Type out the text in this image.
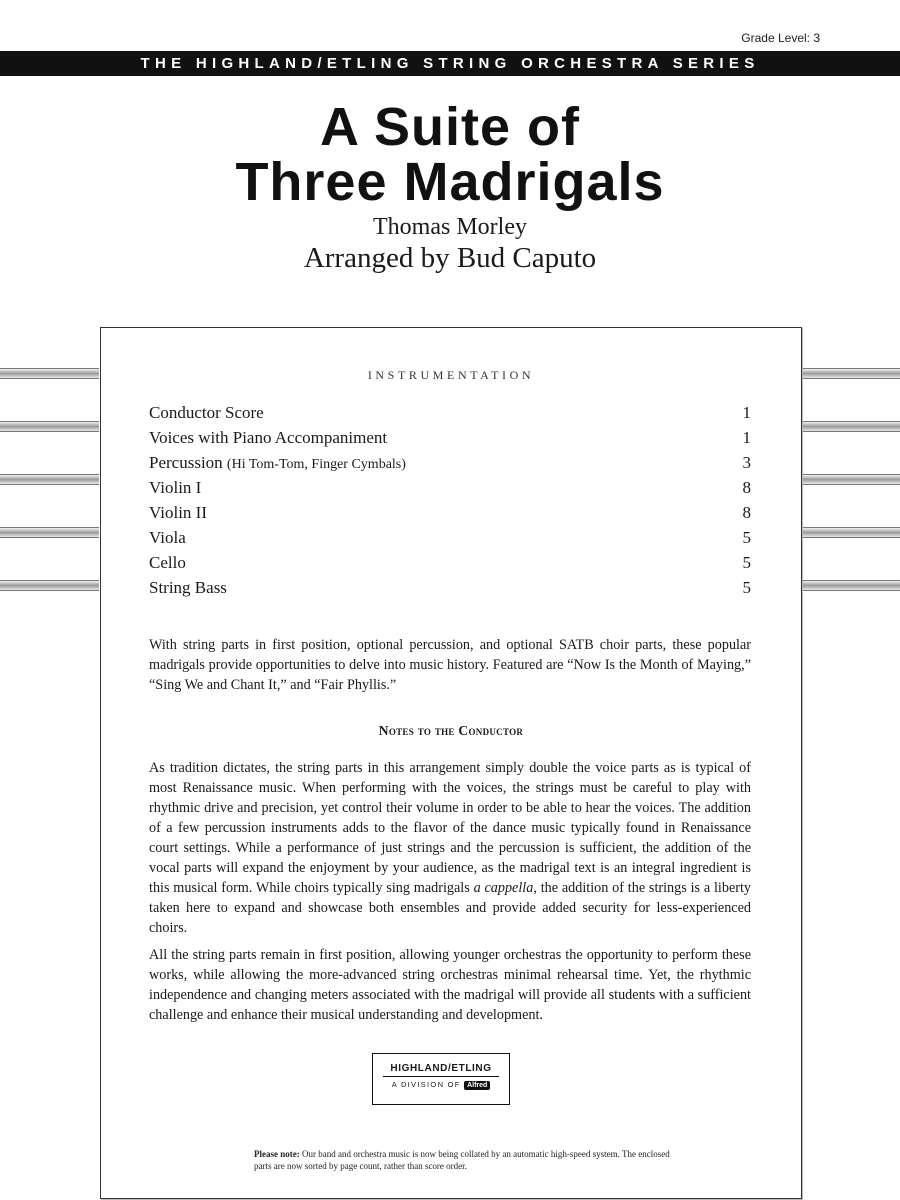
Grade Level: 3
THE HIGHLAND/ETLING STRING ORCHESTRA SERIES
A Suite of
Three Madrigals
Thomas Morley
Arranged by Bud Caputo
INSTRUMENTATION
Conductor Score	1
Voices with Piano Accompaniment	1
Percussion (Hi Tom-Tom, Finger Cymbals)	3
Violin I	8
Violin II	8
Viola	5
Cello	5
String Bass	5
With string parts in first position, optional percussion, and optional SATB choir parts, these popular madrigals provide opportunities to delve into music history. Featured are “Now Is the Month of Maying,” “Sing We and Chant It,” and “Fair Phyllis.”
Notes to the Conductor
As tradition dictates, the string parts in this arrangement simply double the voice parts as is typical of most Renaissance music. When performing with the voices, the strings must be careful to play with rhythmic drive and precision, yet control their volume in order to be able to hear the voices. The addition of a few percussion instruments adds to the flavor of the dance music typically found in Renaissance court settings. While a performance of just strings and the percussion is sufficient, the addition of the vocal parts will expand the enjoyment by your audience, as the madrigal text is an integral ingredient is this musical form. While choirs typically sing madrigals a cappella, the addition of the strings is a liberty taken here to expand and showcase both ensembles and provide added security for less-experienced choirs.
All the string parts remain in first position, allowing younger orchestras the opportunity to perform these works, while allowing the more-advanced string orchestras minimal rehearsal time. Yet, the rhythmic independence and changing meters associated with the madrigal will provide all students with a sufficient challenge and enhance their musical understanding and development.
HIGHLAND/ETLING
A DIVISION OF Alfred
Please note: Our band and orchestra music is now being collated by an automatic high-speed system. The enclosed parts are now sorted by page count, rather than score order.
